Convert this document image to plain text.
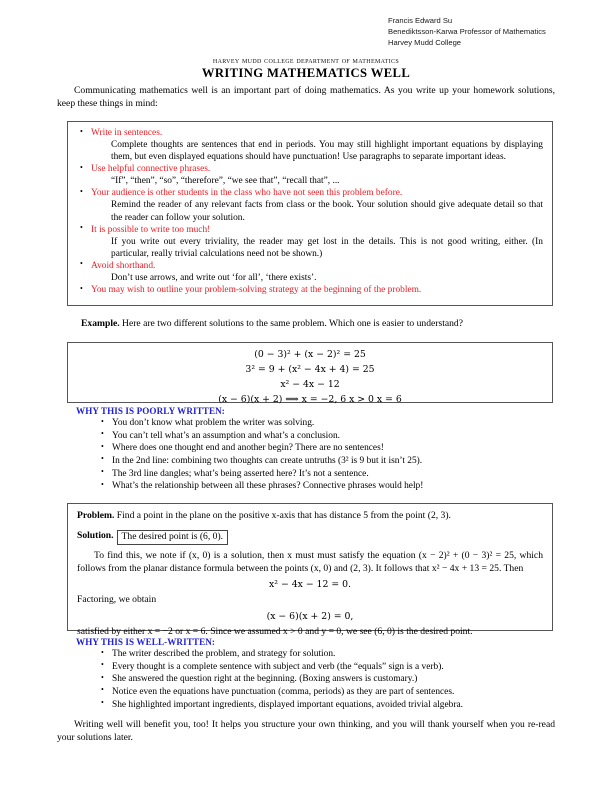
Francis Edward Su
Benediktsson-Karwa Professor of Mathematics
Harvey Mudd College
harvey mudd college department of mathematics
WRITING MATHEMATICS WELL
Communicating mathematics well is an important part of doing mathematics. As you write up your homework solutions, keep these things in mind:
• Write in sentences.
Complete thoughts are sentences that end in periods. You may still highlight important equations by displaying them, but even displayed equations should have punctuation! Use paragraphs to separate important ideas.
• Use helpful connective phrases.
“If”, “then”, “so”, “therefore”, “we see that”, “recall that”, ...
• Your audience is other students in the class who have not seen this problem before.
Remind the reader of any relevant facts from class or the book. Your solution should give adequate detail so that the reader can follow your solution.
• It is possible to write too much!
If you write out every triviality, the reader may get lost in the details. This is not good writing, either. (In particular, really trivial calculations need not be shown.)
• Avoid shorthand.
Don’t use arrows, and write out ‘for all’, ‘there exists’.
• You may wish to outline your problem-solving strategy at the beginning of the problem.
Example. Here are two different solutions to the same problem. Which one is easier to understand?
(0 − 3)² + (x − 2)² = 25
3² = 9 + (x² − 4x + 4) = 25
x² − 4x − 12
(x − 6)(x + 2) ⟹ x = −2, 6 x > 0 x = 6
WHY THIS IS POORLY WRITTEN:
• You don’t know what problem the writer was solving.
• You can’t tell what’s an assumption and what’s a conclusion.
• Where does one thought end and another begin? There are no sentences!
• In the 2nd line: combining two thoughts can create untruths (3² is 9 but it isn’t 25).
• The 3rd line dangles; what’s being asserted here? It’s not a sentence.
• What’s the relationship between all these phrases? Connective phrases would help!
Problem. Find a point in the plane on the positive x-axis that has distance 5 from the point (2, 3).
Solution. The desired point is (6, 0).
To find this, we note if (x, 0) is a solution, then x must must satisfy the equation (x − 2)² + (0 − 3)² = 25, which follows from the planar distance formula between the points (x, 0) and (2, 3). It follows that x² − 4x + 13 = 25. Then
x² − 4x − 12 = 0.
Factoring, we obtain
(x − 6)(x + 2) = 0,
satisfied by either x = −2 or x = 6. Since we assumed x > 0 and y = 0, we see (6, 0) is the desired point.
WHY THIS IS WELL-WRITTEN:
• The writer described the problem, and strategy for solution.
• Every thought is a complete sentence with subject and verb (the “equals” sign is a verb).
• She answered the question right at the beginning. (Boxing answers is customary.)
• Notice even the equations have punctuation (comma, periods) as they are part of sentences.
• She highlighted important ingredients, displayed important equations, avoided trivial algebra.
Writing well will benefit you, too! It helps you structure your own thinking, and you will thank yourself when you re-read your solutions later.
